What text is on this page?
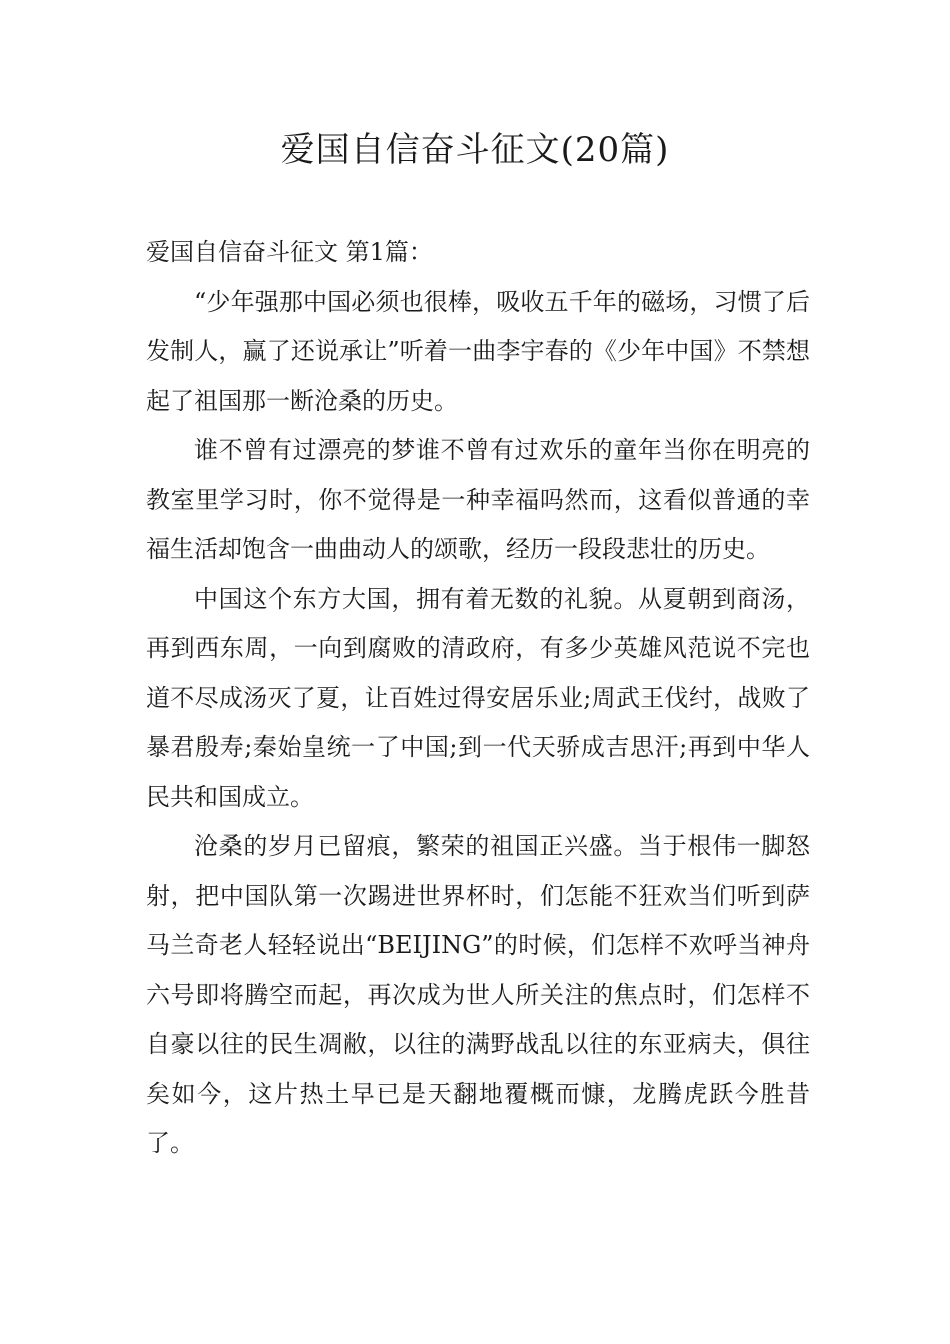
爱国自信奋斗征文(20篇)

爱国自信奋斗征文 第1篇：

“少年强那中国必须也很棒，吸收五千年的磁场，习惯了后发制人，赢了还说承让”听着一曲李宇春的《少年中国》不禁想起了祖国那一断沧桑的历史。

谁不曾有过漂亮的梦谁不曾有过欢乐的童年当你在明亮的教室里学习时，你不觉得是一种幸福吗然而，这看似普通的幸福生活却饱含一曲曲动人的颂歌，经历一段段悲壮的历史。

中国这个东方大国，拥有着无数的礼貌。从夏朝到商汤，再到西东周，一向到腐败的清政府，有多少英雄风范说不完也道不尽成汤灭了夏，让百姓过得安居乐业;周武王伐纣，战败了暴君殷寿;秦始皇统一了中国;到一代天骄成吉思汗;再到中华人民共和国成立。

沧桑的岁月已留痕，繁荣的祖国正兴盛。当于根伟一脚怒射，把中国队第一次踢进世界杯时，们怎能不狂欢当们听到萨马兰奇老人轻轻说出“BEIJING”的时候，们怎样不欢呼当神舟六号即将腾空而起，再次成为世人所关注的焦点时，们怎样不自豪以往的民生凋敝，以往的满野战乱以往的东亚病夫，俱往矣如今，这片热土早已是天翻地覆概而慷，龙腾虎跃今胜昔了。
